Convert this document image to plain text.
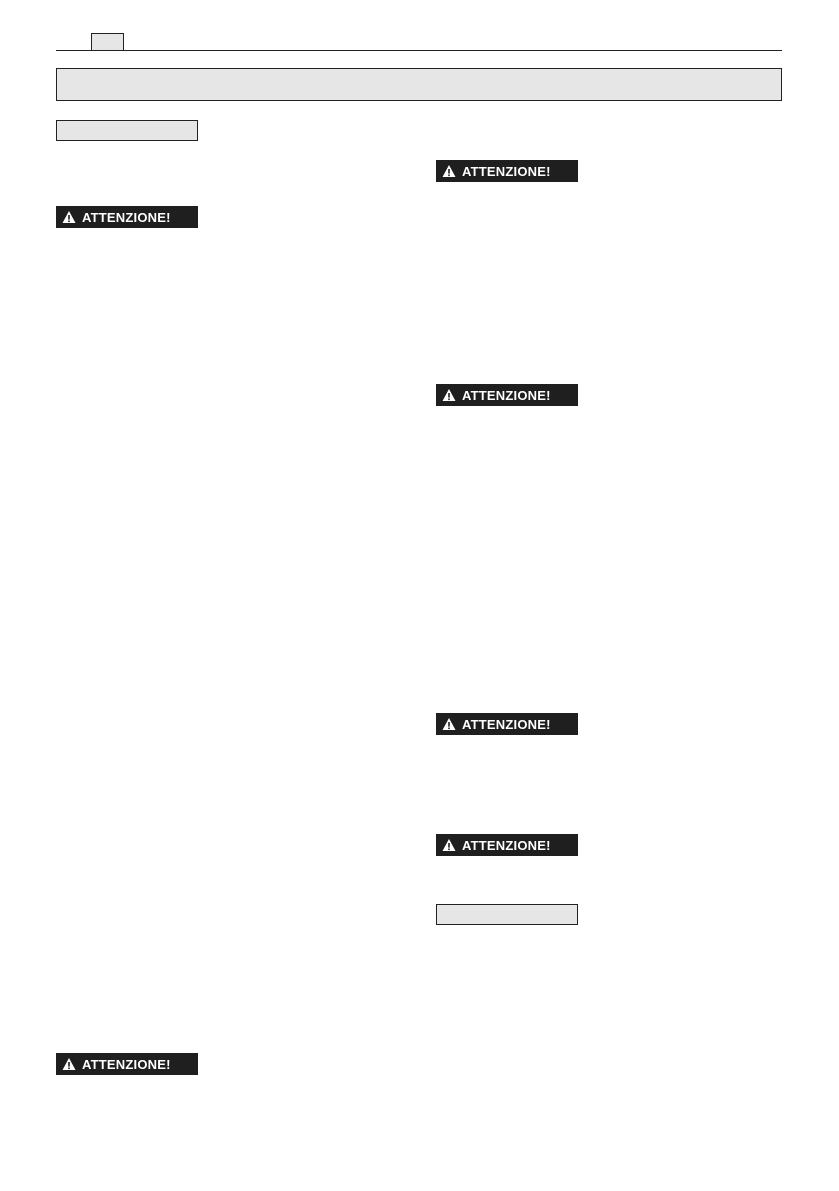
ATTENZIONE!
ATTENZIONE!
ATTENZIONE!
ATTENZIONE!
ATTENZIONE!
ATTENZIONE!
